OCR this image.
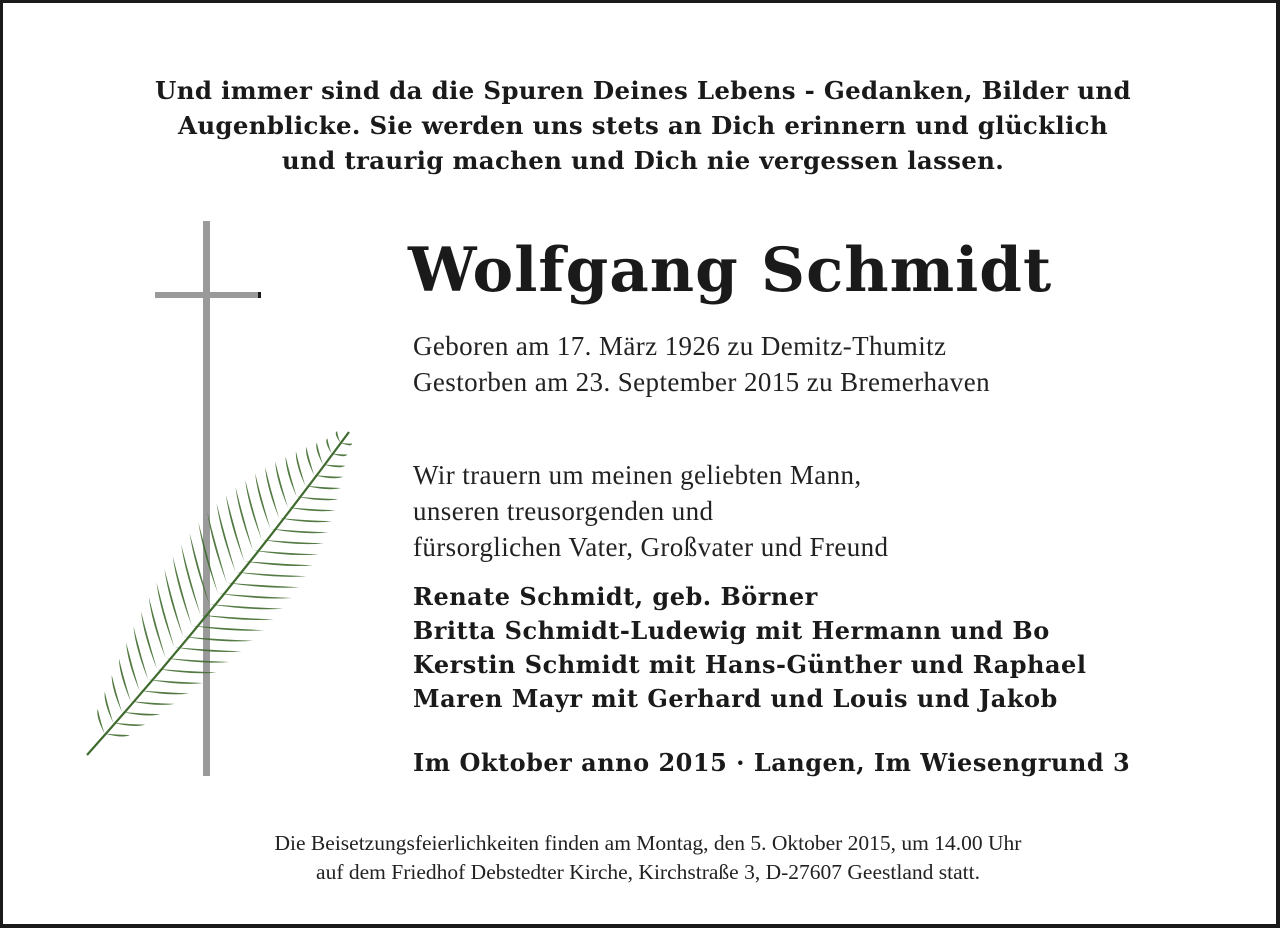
Und immer sind da die Spuren Deines Lebens - Gedanken, Bilder und
Augenblicke. Sie werden uns stets an Dich erinnern und glücklich
und traurig machen und Dich nie vergessen lassen.
Wolfgang Schmidt
Geboren am 17. März 1926 zu Demitz-Thumitz
Gestorben am 23. September 2015 zu Bremerhaven
Wir trauern um meinen geliebten Mann,
unseren treusorgenden und
fürsorglichen Vater, Großvater und Freund
Renate Schmidt, geb. Börner
Britta Schmidt-Ludewig mit Hermann und Bo
Kerstin Schmidt mit Hans-Günther und Raphael
Maren Mayr mit Gerhard und Louis und Jakob
Im Oktober anno 2015 · Langen, Im Wiesengrund 3
Die Beisetzungsfeierlichkeiten finden am Montag, den 5. Oktober 2015, um 14.00 Uhr
auf dem Friedhof Debstedter Kirche, Kirchstraße 3, D-27607 Geestland statt.
